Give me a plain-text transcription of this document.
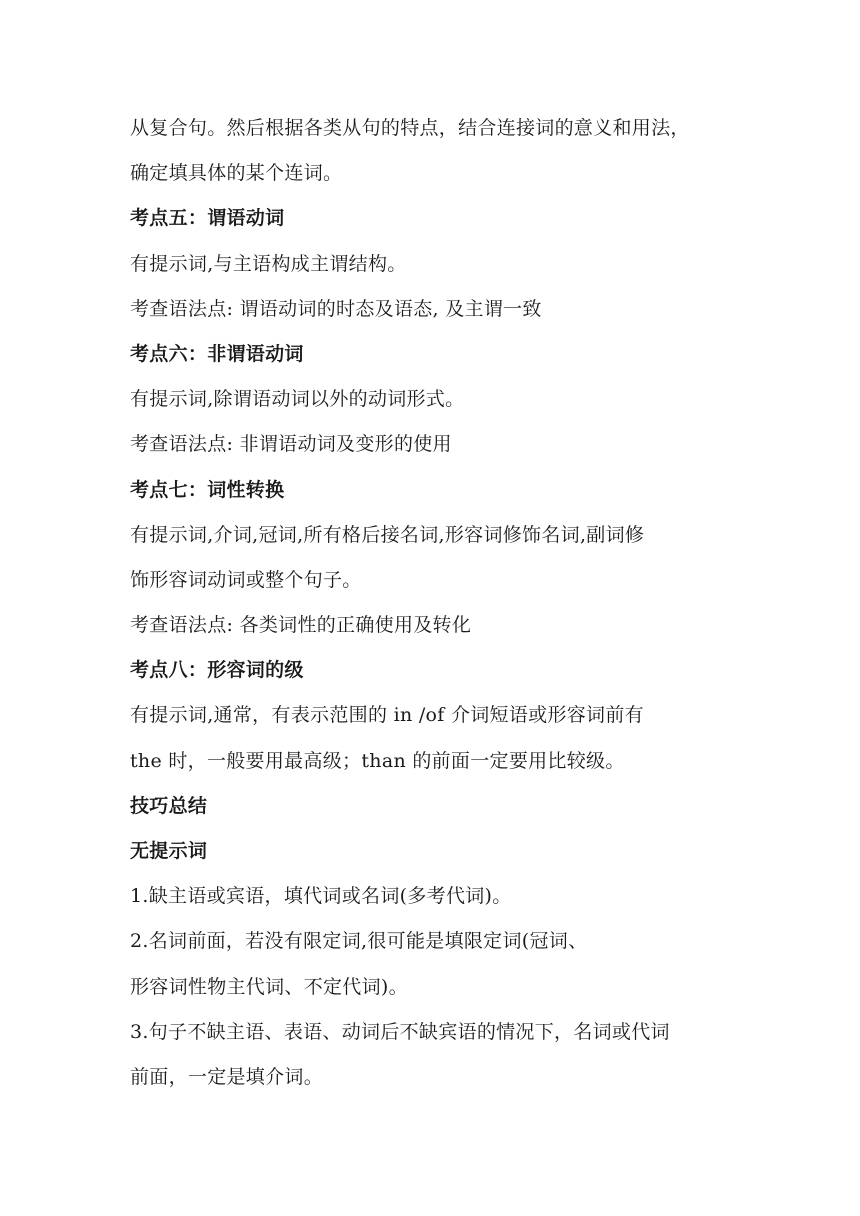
从复合句。然后根据各类从句的特点，结合连接词的意义和用法，
确定填具体的某个连词。
考点五：谓语动词
有提示词,与主语构成主谓结构。
考查语法点: 谓语动词的时态及语态, 及主谓一致
考点六：非谓语动词
有提示词,除谓语动词以外的动词形式。
考查语法点: 非谓语动词及变形的使用
考点七：词性转换
有提示词,介词,冠词,所有格后接名词,形容词修饰名词,副词修
饰形容词动词或整个句子。
考查语法点: 各类词性的正确使用及转化
考点八：形容词的级
有提示词,通常，有表示范围的 in /of 介词短语或形容词前有
the 时，一般要用最高级；than 的前面一定要用比较级。
技巧总结
无提示词
1.缺主语或宾语，填代词或名词(多考代词)。
2.名词前面，若没有限定词,很可能是填限定词(冠词、
形容词性物主代词、不定代词)。
3.句子不缺主语、表语、动词后不缺宾语的情况下，名词或代词
前面，一定是填介词。
